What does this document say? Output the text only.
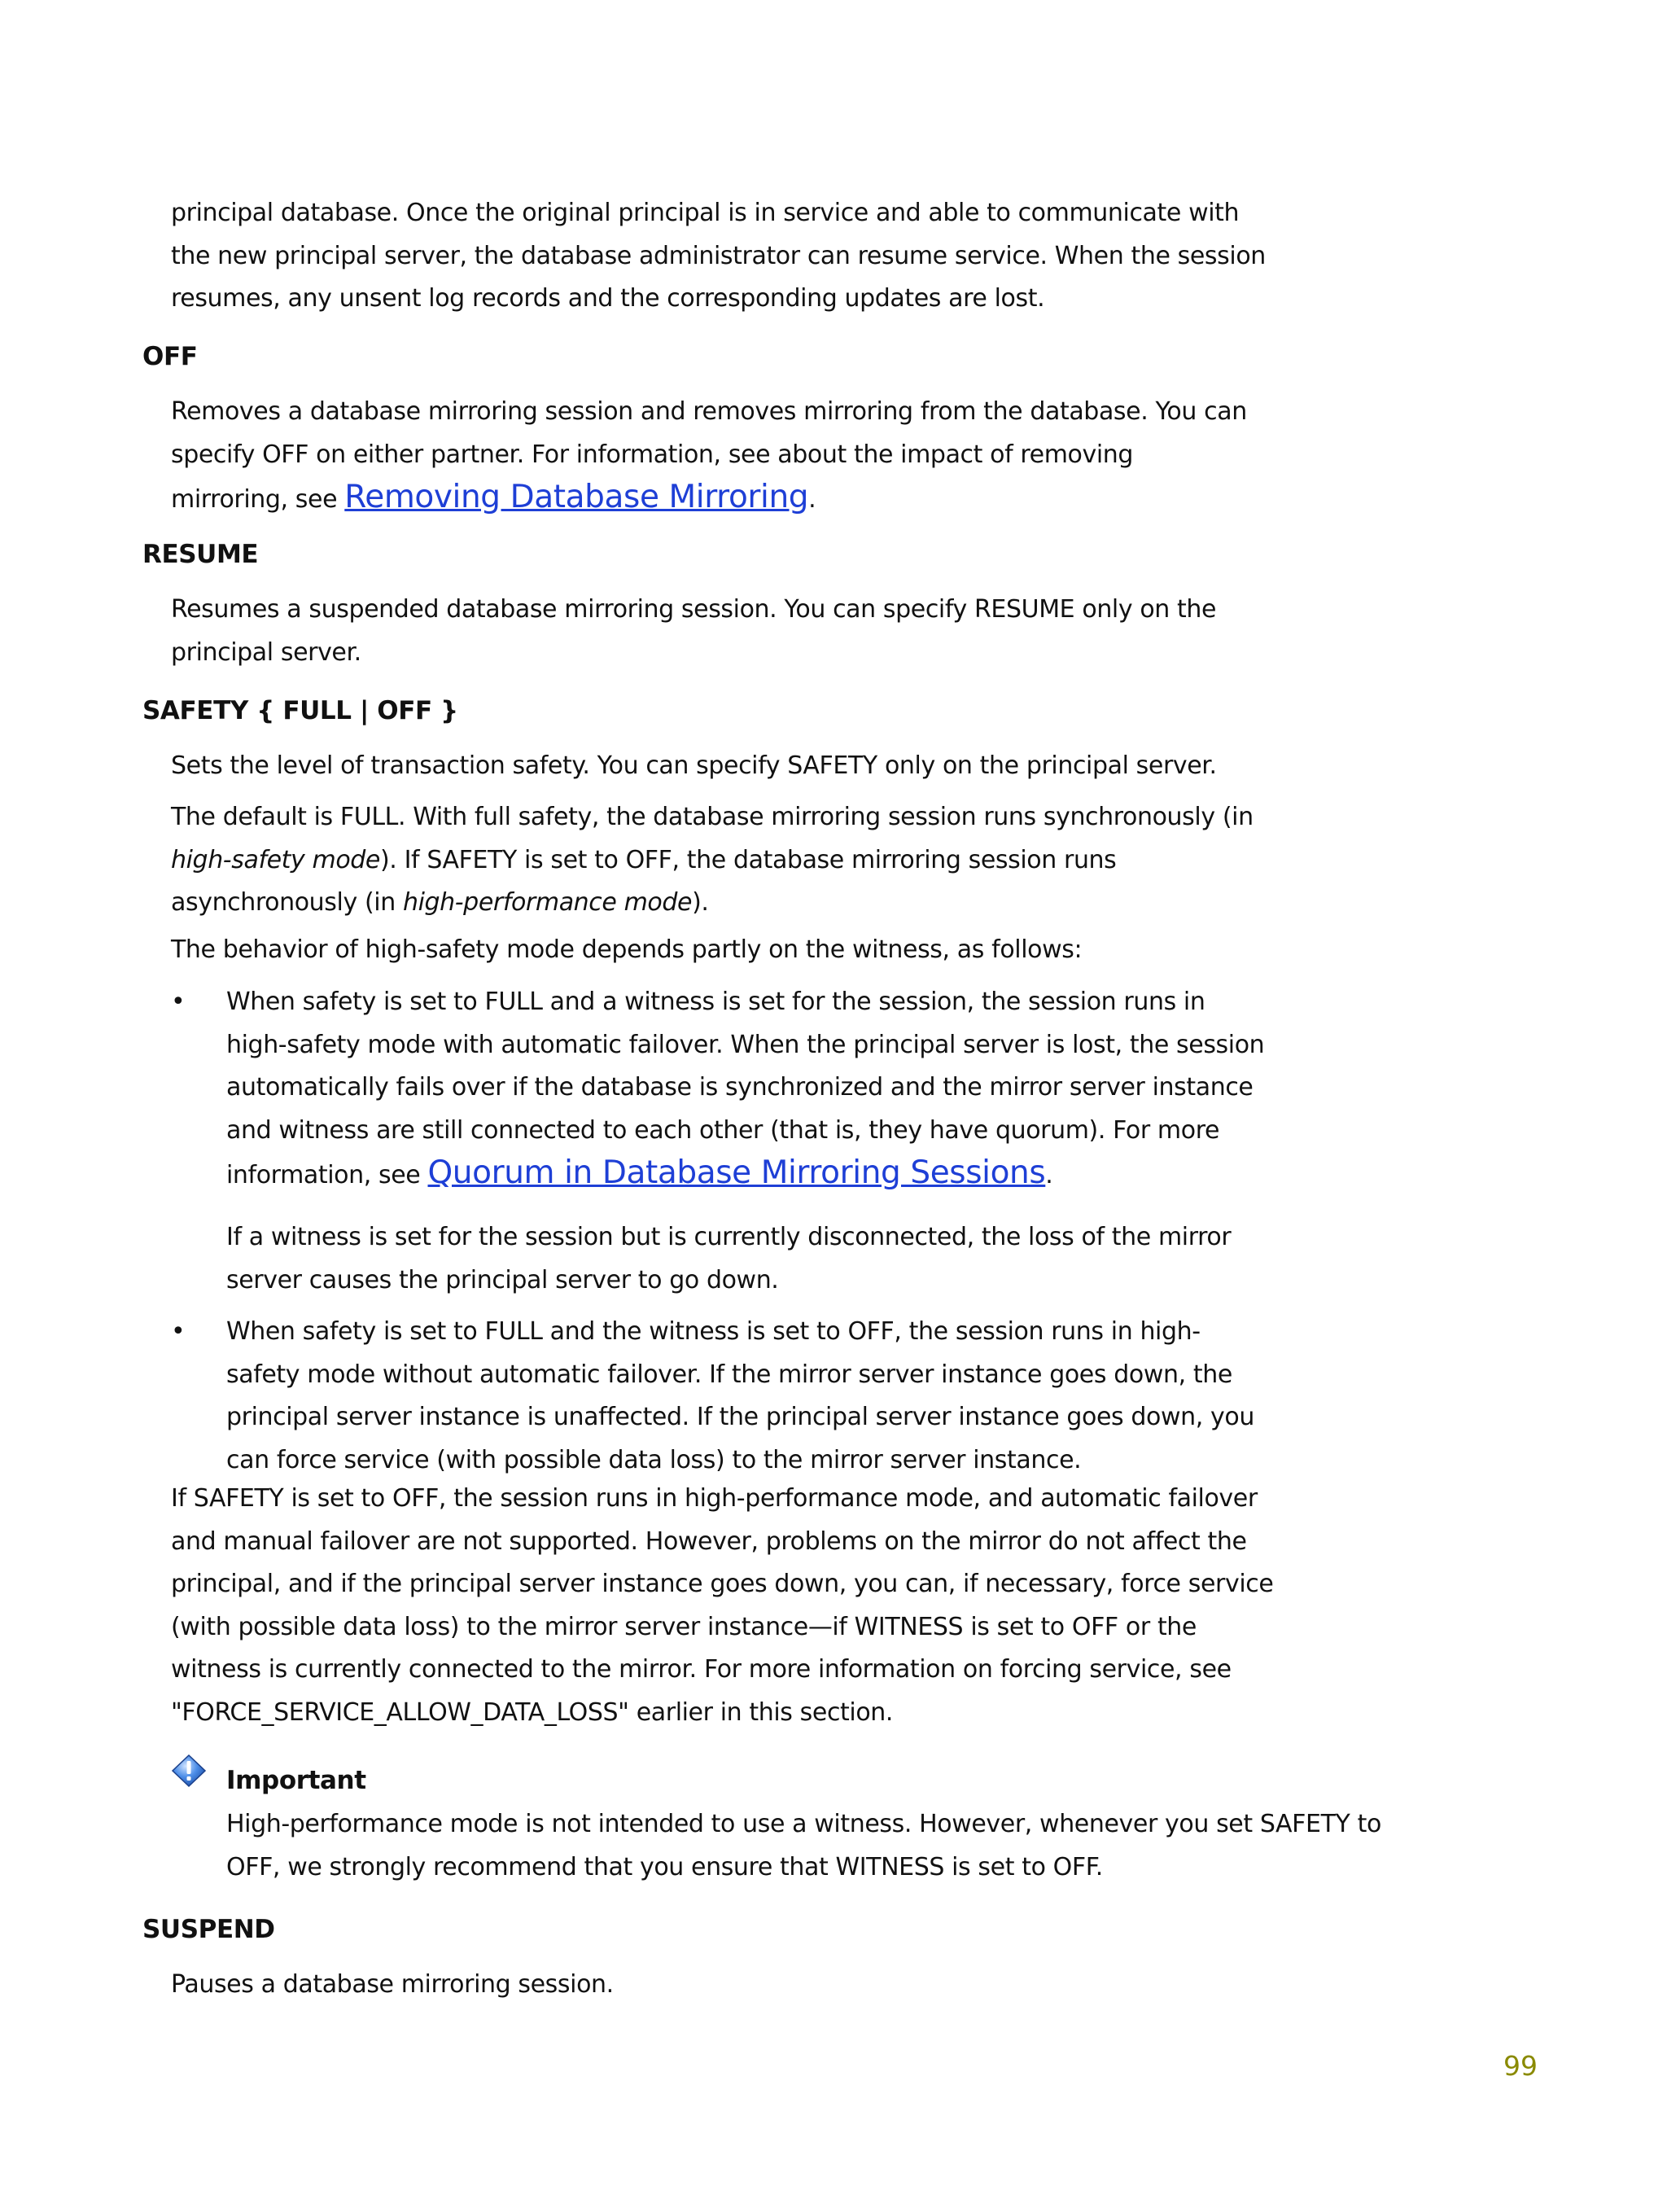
principal database. Once the original principal is in service and able to communicate with

the new principal server, the database administrator can resume service. When the session

resumes, any unsent log records and the corresponding updates are lost.

OFF

Removes a database mirroring session and removes mirroring from the database. You can

specify OFF on either partner. For information, see about the impact of removing

mirroring, see Removing Database Mirroring.

RESUME

Resumes a suspended database mirroring session. You can specify RESUME only on the

principal server.

SAFETY { FULL | OFF }

Sets the level of transaction safety. You can specify SAFETY only on the principal server.

The default is FULL. With full safety, the database mirroring session runs synchronously (in

high-safety mode). If SAFETY is set to OFF, the database mirroring session runs

asynchronously (in high-performance mode).

The behavior of high-safety mode depends partly on the witness, as follows:

•	When safety is set to FULL and a witness is set for the session, the session runs in

high-safety mode with automatic failover. When the principal server is lost, the session

automatically fails over if the database is synchronized and the mirror server instance

and witness are still connected to each other (that is, they have quorum). For more

information, see Quorum in Database Mirroring Sessions.

If a witness is set for the session but is currently disconnected, the loss of the mirror

server causes the principal server to go down.

•	When safety is set to FULL and the witness is set to OFF, the session runs in high-

safety mode without automatic failover. If the mirror server instance goes down, the

principal server instance is unaffected. If the principal server instance goes down, you

can force service (with possible data loss) to the mirror server instance.

If SAFETY is set to OFF, the session runs in high-performance mode, and automatic failover

and manual failover are not supported. However, problems on the mirror do not affect the

principal, and if the principal server instance goes down, you can, if necessary, force service

(with possible data loss) to the mirror server instance—if WITNESS is set to OFF or the

witness is currently connected to the mirror. For more information on forcing service, see

"FORCE_SERVICE_ALLOW_DATA_LOSS" earlier in this section.

Important

High-performance mode is not intended to use a witness. However, whenever you set SAFETY to

OFF, we strongly recommend that you ensure that WITNESS is set to OFF.

SUSPEND

Pauses a database mirroring session.

99
